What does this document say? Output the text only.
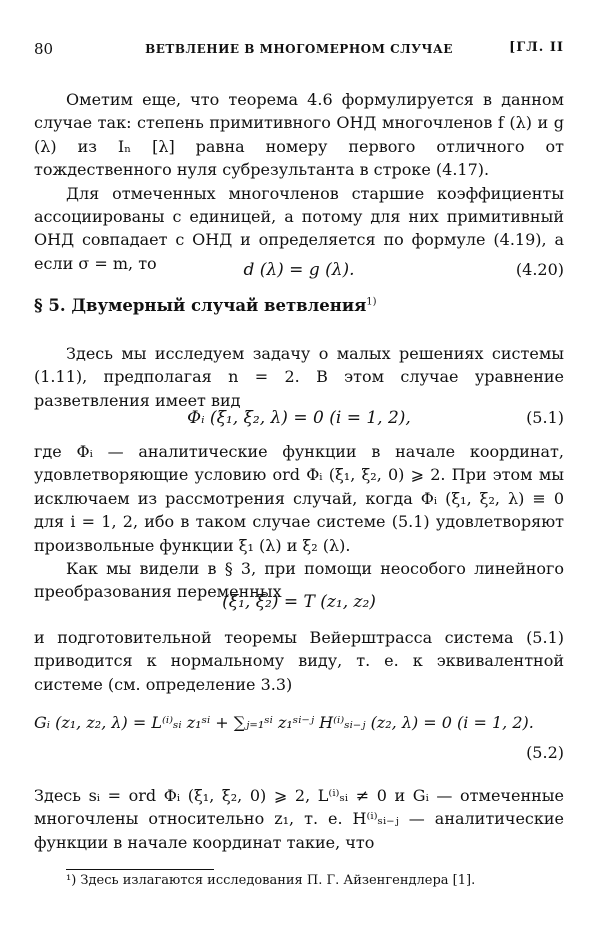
80	ВЕТВЛЕНИЕ В МНОГОМЕРНОМ СЛУЧАЕ	[ГЛ. II

Ометим еще, что теорема 4.6 формулируется в данном случае так: степень примитивного ОНД многочленов f (λ) и g (λ) из Iₙ [λ] равна номеру первого отличного от тождественного нуля субрезультанта в строке (4.17).

Для отмеченных многочленов старшие коэффициенты ассоциированы с единицей, а потому для них примитивный ОНД совпадает с ОНД и определяется по формуле (4.19), а если σ = m, то	d (λ) = g (λ).	(4.20)
§ 5. Двумерный случай ветвления$^{1)}$

Здесь мы исследуем задачу о малых решениях системы (1.11), предполагая n = 2. В этом случае уравнение разветвления имеет вид

Φᵢ (ξ₁, ξ₂, λ) = 0 (i = 1, 2),	(5.1)

где Φᵢ — аналитические функции в начале координат, удовлетворяющие условию ord Φᵢ (ξ₁, ξ₂, 0) ⩾ 2. При этом мы исключаем из рассмотрения случай, когда Φᵢ (ξ₁, ξ₂, λ) ≡ 0 для i = 1, 2, ибо в таком случае системе (5.1) удовлетворяют произвольные функции ξ₁ (λ) и ξ₂ (λ).

Как мы видели в § 3, при помощи неособого линейного преобразования переменных

(ξ₁, ξ₂) = T (z₁, z₂)

и подготовительной теоремы Вейерштрасса система (5.1) приводится к нормальному виду, т. е. к эквивалентной системе (см. определение 3.3)

Gᵢ (z₁, z₂, λ) = L⁽ⁱ⁾ₛᵢ z₁ˢⁱ + ∑ⱼ₌₁ˢⁱ z₁ˢⁱ⁻ʲ H⁽ⁱ⁾ₛᵢ₋ⱼ (z₂, λ) = 0 (i = 1, 2).
(5.2)

Здесь sᵢ = ord Φᵢ (ξ₁, ξ₂, 0) ⩾ 2, L⁽ⁱ⁾ₛᵢ ≠ 0 и Gᵢ — отмеченные многочлены относительно z₁, т. е. H⁽ⁱ⁾ₛᵢ₋ⱼ — аналитические функции в начале координат такие, что

¹) Здесь излагаются исследования П. Г. Айзенгендлера [1].
